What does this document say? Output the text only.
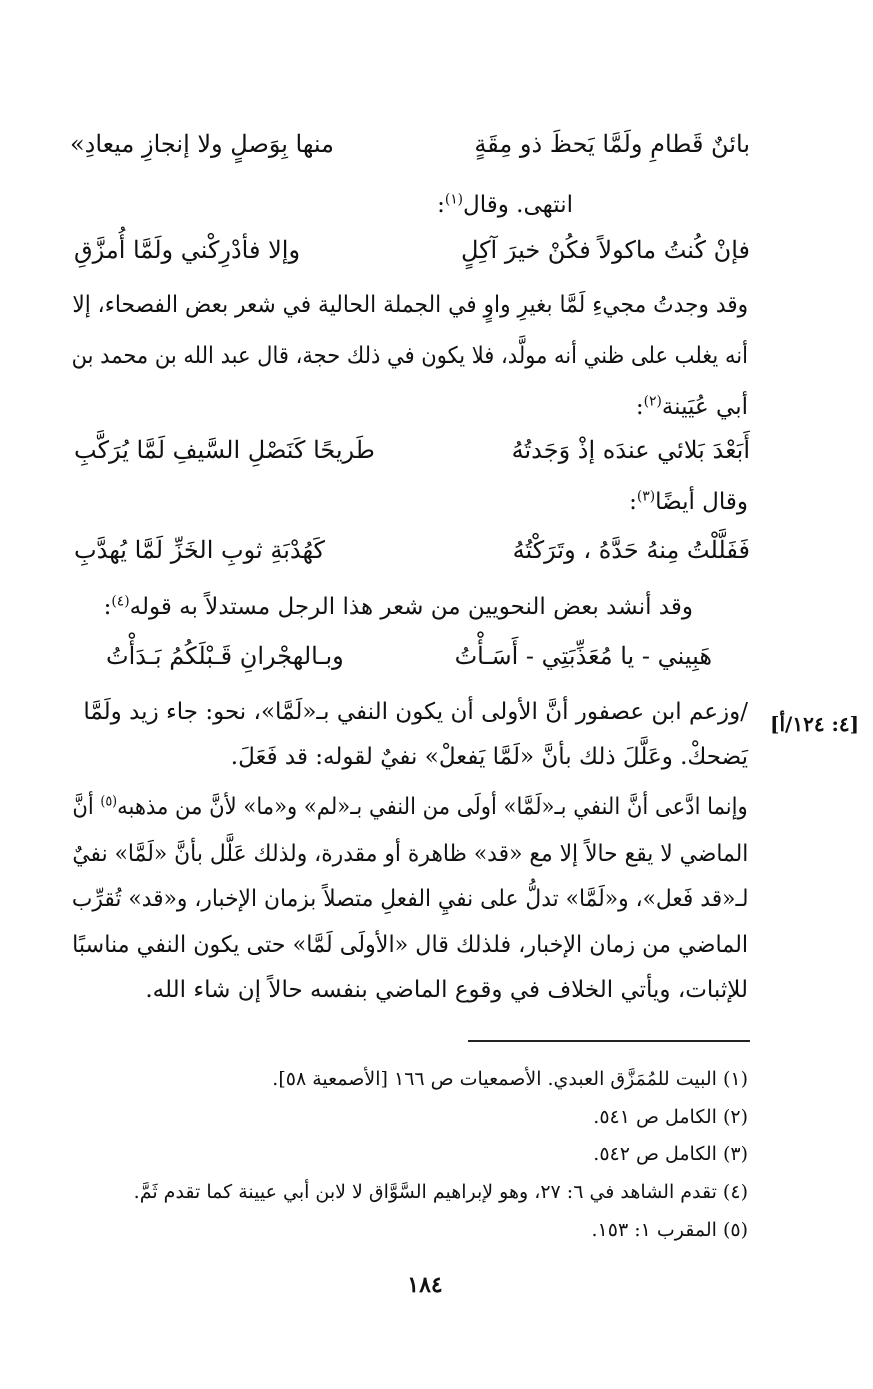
بائنٌ قَطامِ ولَمَّا يَحظَ ذو مِقَةٍ
منها بِوَصلٍ ولا إنجازِ ميعادِ»
انتهى. وقال$^{(١)}$:
فإنْ كُنتُ ماكولاً فكُنْ خيرَ آكِلٍ
وإلا فأدْرِكْني ولَمَّا أُمزَّقِ
وقد وجدتُ مجيءِ لَمَّا بغيرِ واوٍ في الجملة الحالية في شعر بعض الفصحاء، إلا
أنه يغلب على ظني أنه مولَّد، فلا يكون في ذلك حجة، قال عبد الله بن محمد بن
أبي عُيَينة$^{(٢)}$:
أَبَعْدَ بَلائي عندَه إذْ وَجَدتُهُ
طَريحًا كَنَصْلِ السَّيفِ لَمَّا يُرَكَّبِ
وقال أيضًا$^{(٣)}$:
فَفَلَّلْتُ مِنهُ حَدَّهُ ، وتَرَكْتُهُ
كَهُدْبَةِ ثوبِ الخَزِّ لَمَّا يُهدَّبِ
وقد أنشد بعض النحويين من شعر هذا الرجل مستدلاً به قوله$^{(٤)}$:
هَبِيني - يا مُعَذِّبَتِي - أَسَـأْتُ
وبـالهجْرانِ قَـبْلَكُمُ بَـدَأْتُ
/وزعم ابن عصفور أنَّ الأولى أن يكون النفي بـ«لَمَّا»، نحو: جاء زيد ولَمَّا [٤: ١٢٤/أ]
يَضحكْ. وعَلَّلَ ذلك بأنَّ «لَمَّا يَفعلْ» نفيٌ لقوله: قد فَعَلَ.
وإنما ادَّعى أنَّ النفي بـ«لَمَّا» أولَى من النفي بـ«لم» و«ما» لأنَّ من مذهبه$^{(٥)}$ أنَّ
الماضي لا يقع حالاً إلا مع «قد» ظاهرة أو مقدرة، ولذلك عَلَّل بأنَّ «لَمَّا» نفيٌ
لـ«قد فَعل»، و«لَمَّا» تدلُّ على نفيِ الفعلِ متصلاً بزمان الإخبار، و«قد» تُقرِّب
الماضي من زمان الإخبار، فلذلك قال «الأولَى لَمَّا» حتى يكون النفي مناسبًا
للإثبات، ويأتي الخلاف في وقوع الماضي بنفسه حالاً إن شاء الله.
(١) البيت للمُمَزَّق العبدي. الأصمعيات ص ١٦٦ [الأصمعية ٥٨].
(٢) الكامل ص ٥٤١.
(٣) الكامل ص ٥٤٢.
(٤) تقدم الشاهد في ٦: ٢٧، وهو لإبراهيم السَّوَّاق لا لابن أبي عيينة كما تقدم ثَمَّ.
(٥) المقرب ١: ١٥٣.
١٨٤
